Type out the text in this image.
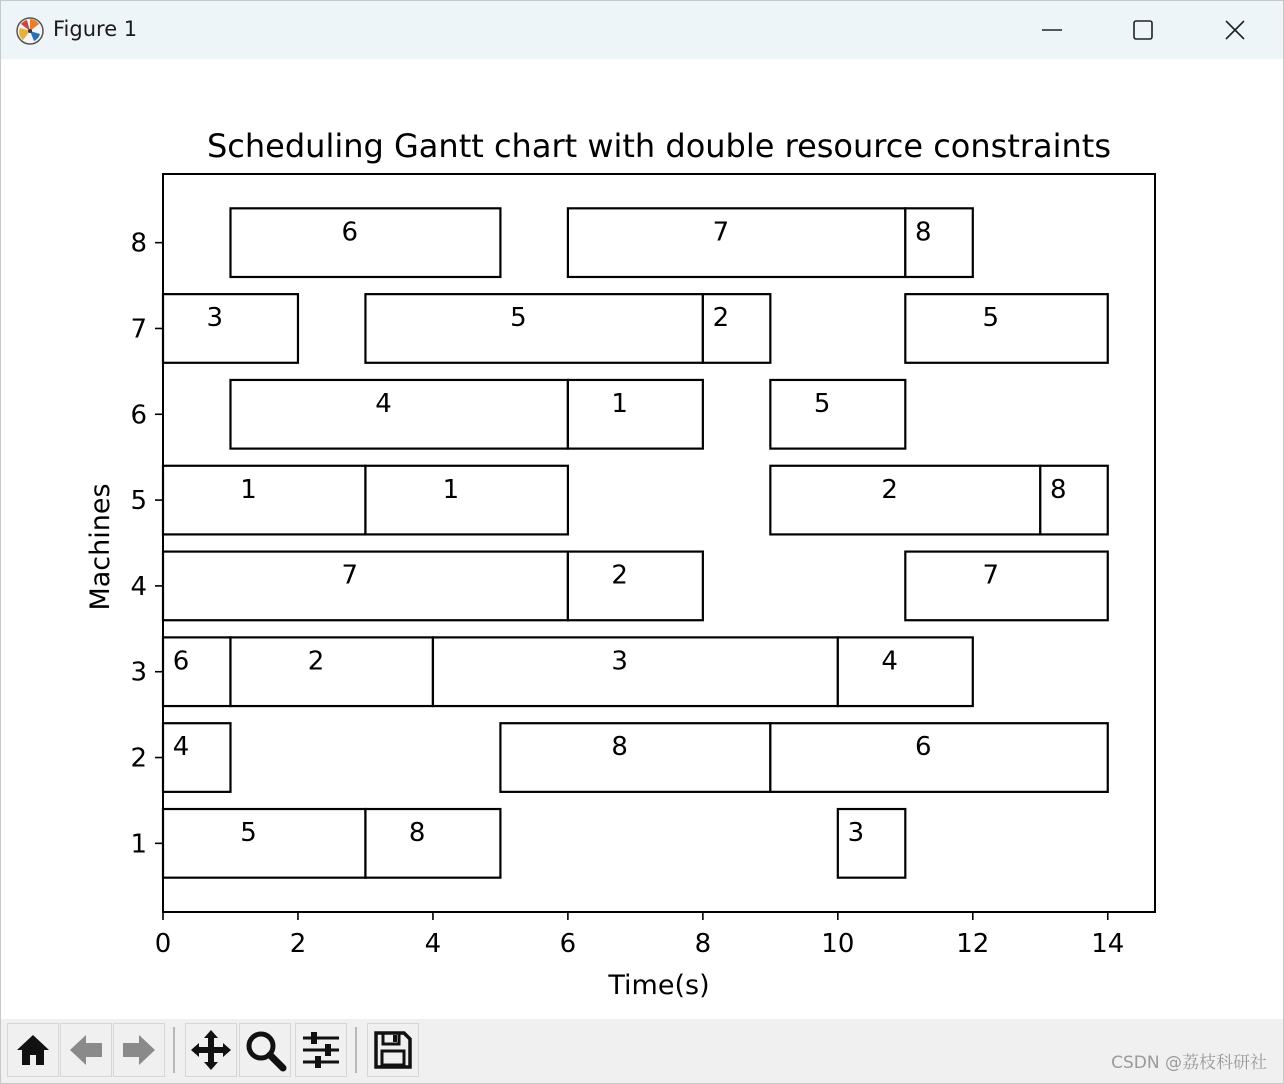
Figure 1
Scheduling Gantt chart with double resource constraints
Time(s)
Machines
5	8	3
4	8	6
6	2	3	4
7	2	7
1	1	2	8
4	1	5
3	5	2	5
6	7	8
0	2	4	6	8	10	12	14
1
2
3
4
5
6
7
8
CSDN @荔枝科研社
